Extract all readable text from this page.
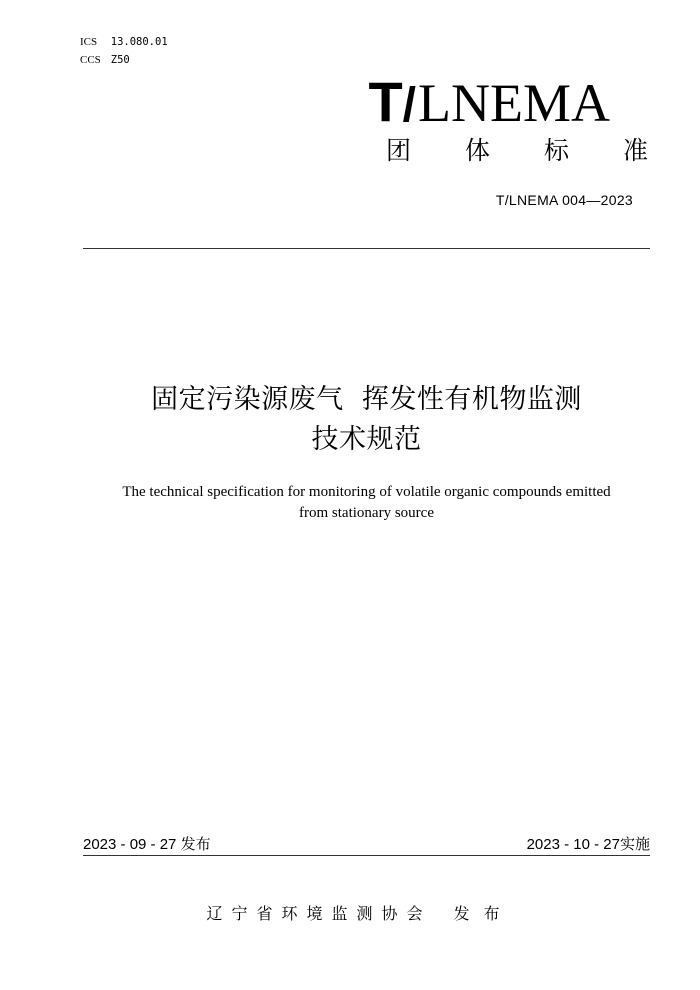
ICS 13.080.01
CCS Z50
T/LNEMA
团 体 标 准
T/LNEMA 004—2023
固定污染源废气  挥发性有机物监测
技术规范
The technical specification for monitoring of volatile organic compounds emitted
from stationary source
2023 - 09 - 27 发布	2023 - 10 - 27实施
辽宁省环境监测协会 发布
